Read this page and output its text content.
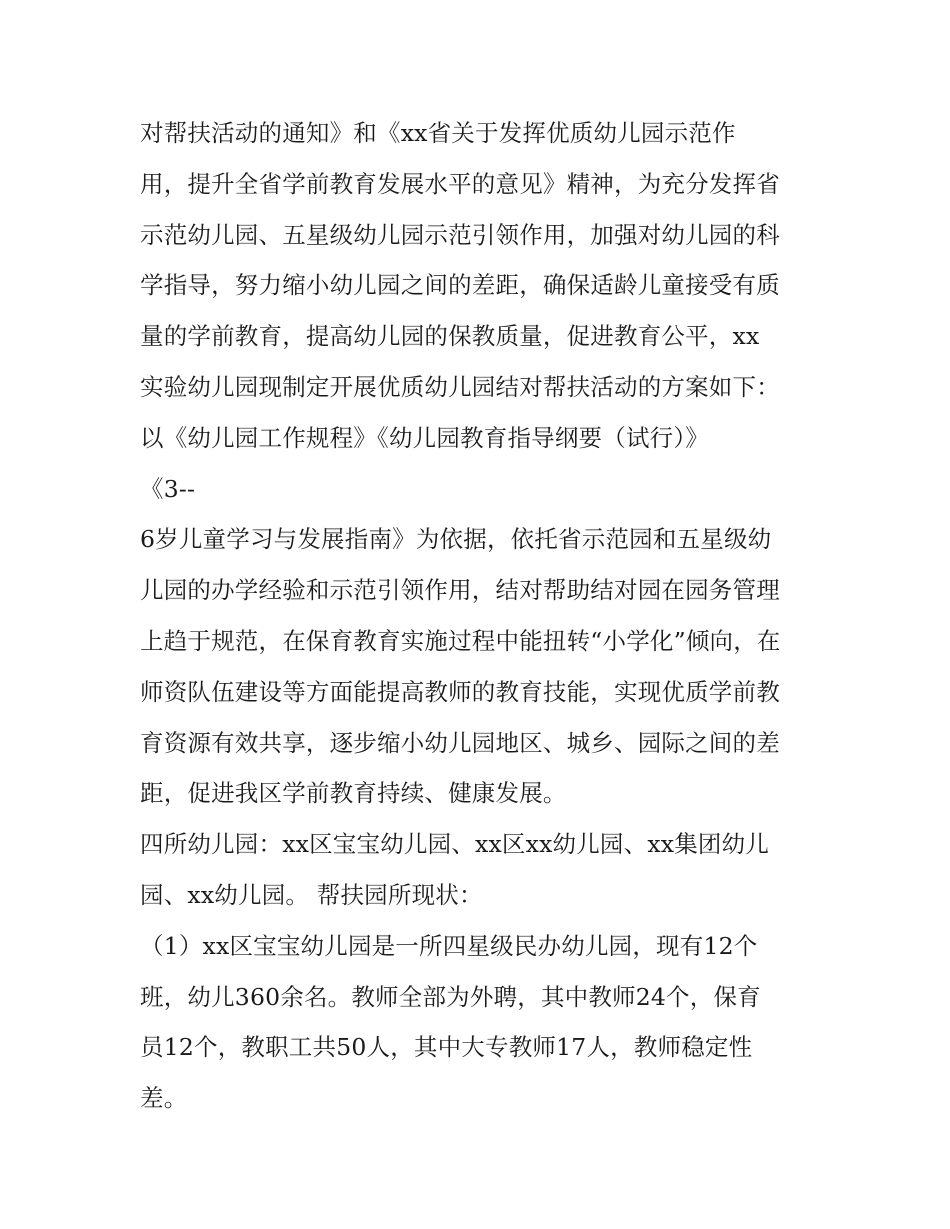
对帮扶活动的通知》和《xx省关于发挥优质幼儿园示范作
用，提升全省学前教育发展水平的意见》精神，为充分发挥省
示范幼儿园、五星级幼儿园示范引领作用，加强对幼儿园的科
学指导，努力缩小幼儿园之间的差距，确保适龄儿童接受有质
量的学前教育，提高幼儿园的保教质量，促进教育公平，xx
实验幼儿园现制定开展优质幼儿园结对帮扶活动的方案如下：
以《幼儿园工作规程》《幼儿园教育指导纲要（试行）》
《3--
6岁儿童学习与发展指南》为依据，依托省示范园和五星级幼
儿园的办学经验和示范引领作用，结对帮助结对园在园务管理
上趋于规范，在保育教育实施过程中能扭转“小学化”倾向，在
师资队伍建设等方面能提高教师的教育技能，实现优质学前教
育资源有效共享，逐步缩小幼儿园地区、城乡、园际之间的差
距，促进我区学前教育持续、健康发展。
四所幼儿园：xx区宝宝幼儿园、xx区xx幼儿园、xx集团幼儿
园、xx幼儿园。 帮扶园所现状：
（1）xx区宝宝幼儿园是一所四星级民办幼儿园，现有12个
班，幼儿360余名。教师全部为外聘，其中教师24个，保育
员12个，教职工共50人，其中大专教师17人，教师稳定性
差。
